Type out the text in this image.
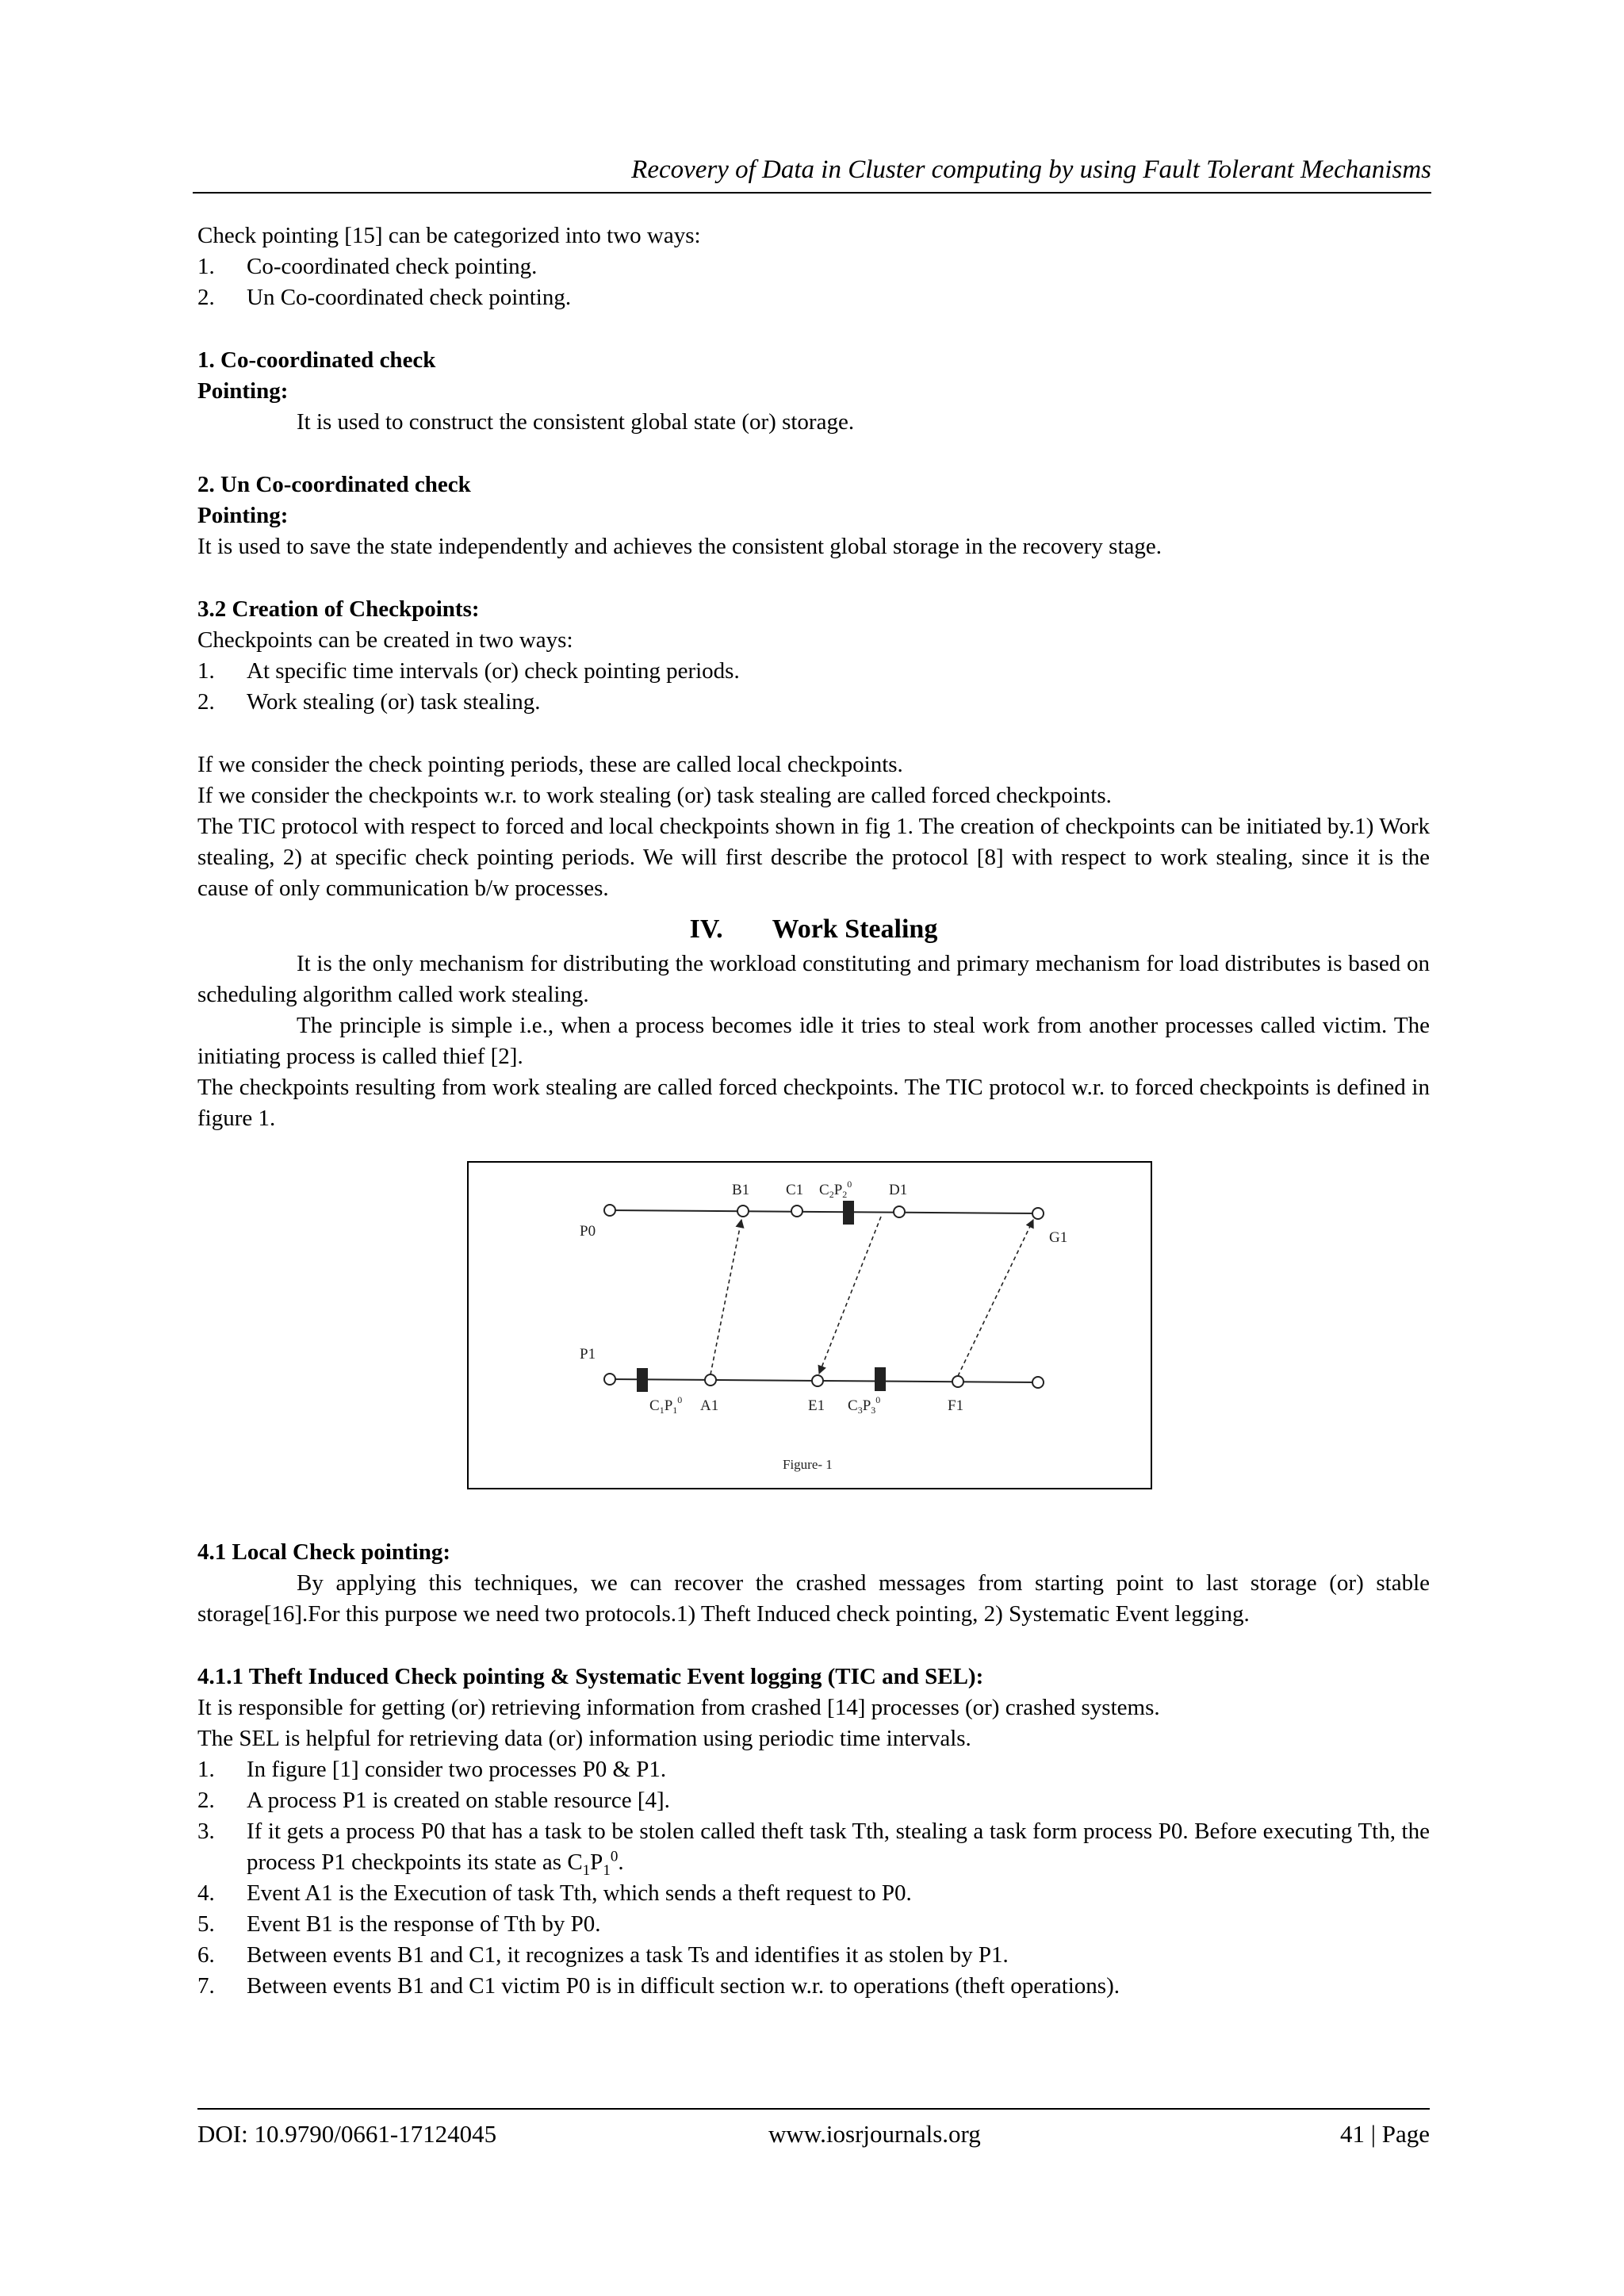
Recovery of Data in Cluster computing by using Fault Tolerant Mechanisms

Check pointing [15] can be categorized into two ways:

1. Co-coordinated check pointing.
2. Un Co-coordinated check pointing.

1. Co-coordinated check

Pointing:

It is used to construct the consistent global state (or) storage.

2. Un Co-coordinated check

Pointing:

It is used to save the state independently and achieves the consistent global storage in the recovery stage.

3.2 Creation of Checkpoints:

Checkpoints can be created in two ways:

1. At specific time intervals (or) check pointing periods.
2. Work stealing (or) task stealing.

If we consider the check pointing periods, these are called local checkpoints.

If we consider the checkpoints w.r. to work stealing (or) task stealing are called forced checkpoints.

The TIC protocol with respect to forced and local checkpoints shown in fig 1. The creation of checkpoints can be initiated by.1) Work stealing, 2) at specific check pointing periods. We will first describe the protocol [8] with respect to work stealing, since it is the cause of only communication b/w processes.

IV. Work Stealing

It is the only mechanism for distributing the workload constituting and primary mechanism for load distributes is based on scheduling algorithm called work stealing.

The principle is simple i.e., when a process becomes idle it tries to steal work from another processes called victim. The initiating process is called thief [2].

The checkpoints resulting from work stealing are called forced checkpoints. The TIC protocol w.r. to forced checkpoints is defined in figure 1.

P0
P1
B1 C1 $C_2P_2^0$ D1
G1
$C_1P_1^0$ A1	E1 $C_3P_3^0$	F1
Figure- 1

4.1 Local Check pointing:

By applying this techniques, we can recover the crashed messages from starting point to last storage (or) stable storage[16].For this purpose we need two protocols.1) Theft Induced check pointing, 2) Systematic Event legging.

4.1.1 Theft Induced Check pointing & Systematic Event logging (TIC and SEL):

It is responsible for getting (or) retrieving information from crashed [14] processes (or) crashed systems.

The SEL is helpful for retrieving data (or) information using periodic time intervals.

1. In figure [1] consider two processes P0 & P1.
2. A process P1 is created on stable resource [4].
3. If it gets a process P0 that has a task to be stolen called theft task Tth, stealing a task form process P0. Before executing Tth, the process P1 checkpoints its state as $C_1P_1^0$.
4. Event A1 is the Execution of task Tth, which sends a theft request to P0.
5. Event B1 is the response of Tth by P0.
6. Between events B1 and C1, it recognizes a task Ts and identifies it as stolen by P1.
7. Between events B1 and C1 victim P0 is in difficult section w.r. to operations (theft operations).
DOI: 10.9790/0661-17124045	www.iosrjournals.org	41 | Page
